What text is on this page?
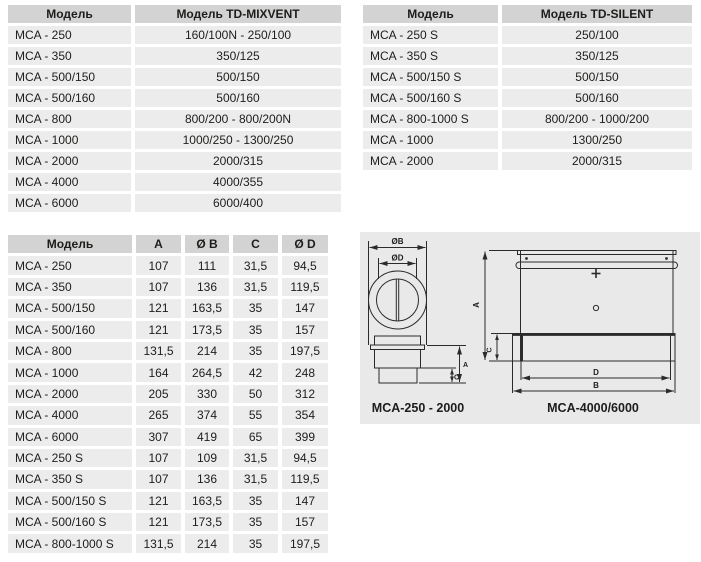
Модель	Модель TD-MIXVENT
MCA - 250	160/100N - 250/100
MCA - 350	350/125
MCA - 500/150	500/150
MCA - 500/160	500/160
MCA - 800	800/200 - 800/200N
MCA - 1000	1000/250 - 1300/250
MCA - 2000	2000/315
MCA - 4000	4000/355
MCA - 6000	6000/400
Модель	Модель TD-SILENT
MCA - 250 S	250/100
MCA - 350 S	350/125
MCA - 500/150 S	500/150
MCA - 500/160 S	500/160
MCA - 800-1000 S	800/200 - 1000/200
MCA - 1000	1300/250
MCA - 2000	2000/315
Модель	A	Ø B	C	Ø D
MCA - 250	107	111	31,5	94,5
MCA - 350	107	136	31,5	119,5
MCA - 500/150	121	163,5	35	147
MCA - 500/160	121	173,5	35	157
MCA - 800	131,5	214	35	197,5
MCA - 1000	164	264,5	42	248
MCA - 2000	205	330	50	312
MCA - 4000	265	374	55	354
MCA - 6000	307	419	65	399
MCA - 250 S	107	109	31,5	94,5
MCA - 350 S	107	136	31,5	119,5
MCA - 500/150 S	121	163,5	35	147
MCA - 500/160 S	121	173,5	35	157
MCA - 800-1000 S	131,5	214	35	197,5
ØB
ØD
A
C
MCA-250 - 2000
A
C
D
B
MCA-4000/6000
